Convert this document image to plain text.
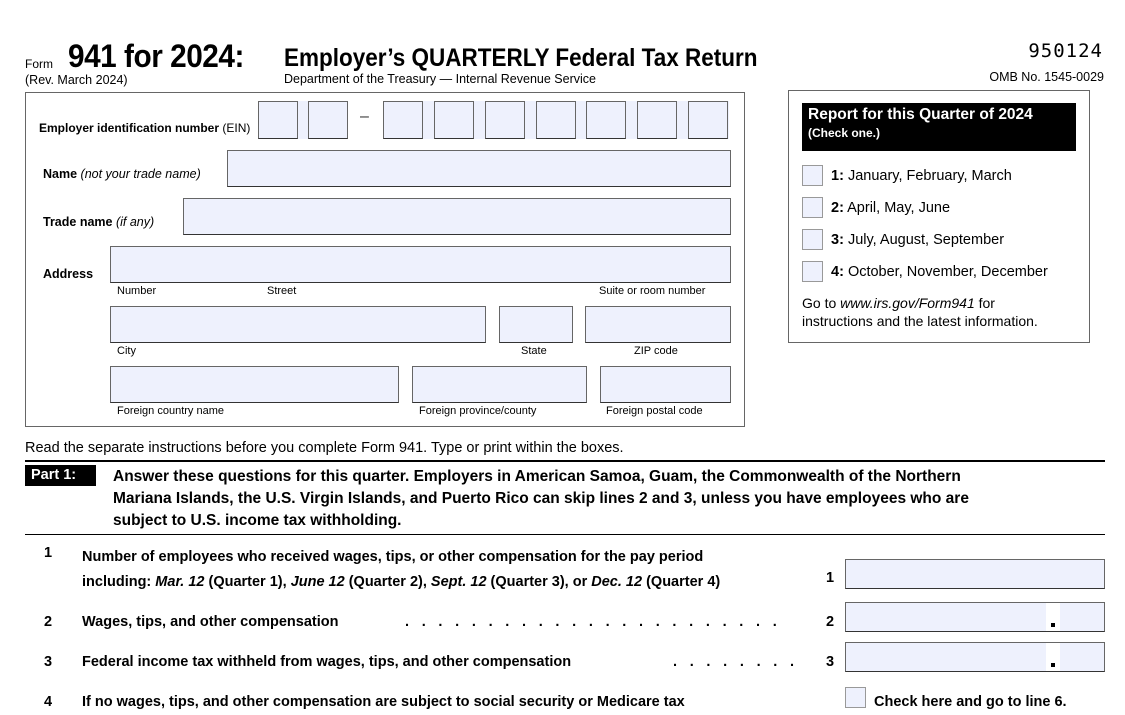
Form 941 for 2024: Employer’s QUARTERLY Federal Tax Return
(Rev. March 2024)	Department of the Treasury — Internal Revenue Service
950124
OMB No. 1545-0029
Employer identification number (EIN)
–
Name (not your trade name)
Trade name (if any)
Address
Number	Street	Suite or room number
City	State	ZIP code
Foreign country name	Foreign province/county	Foreign postal code
Report for this Quarter of 2024
(Check one.)
1: January, February, March
2: April, May, June
3: July, August, September
4: October, November, December
Go to www.irs.gov/Form941 for
instructions and the latest information.
Read the separate instructions before you complete Form 941. Type or print within the boxes.
Part 1:	Answer these questions for this quarter. Employers in American Samoa, Guam, the Commonwealth of the Northern
Mariana Islands, the U.S. Virgin Islands, and Puerto Rico can skip lines 2 and 3, unless you have employees who are
subject to U.S. income tax withholding.
1 Number of employees who received wages, tips, or other compensation for the pay period
including: Mar. 12 (Quarter 1), June 12 (Quarter 2), Sept. 12 (Quarter 3), or Dec. 12 (Quarter 4)	1
2 Wages, tips, and other compensation	.   .   .   .   .   .   .   .   .   .   .   .   .   .   .   .   .   .   .   .   .   .   .	2
3 Federal income tax withheld from wages, tips, and other compensation	.   .   .   .   .   .   .   . 3
4 If no wages, tips, and other compensation are subject to social security or Medicare tax	Check here and go to line 6.
